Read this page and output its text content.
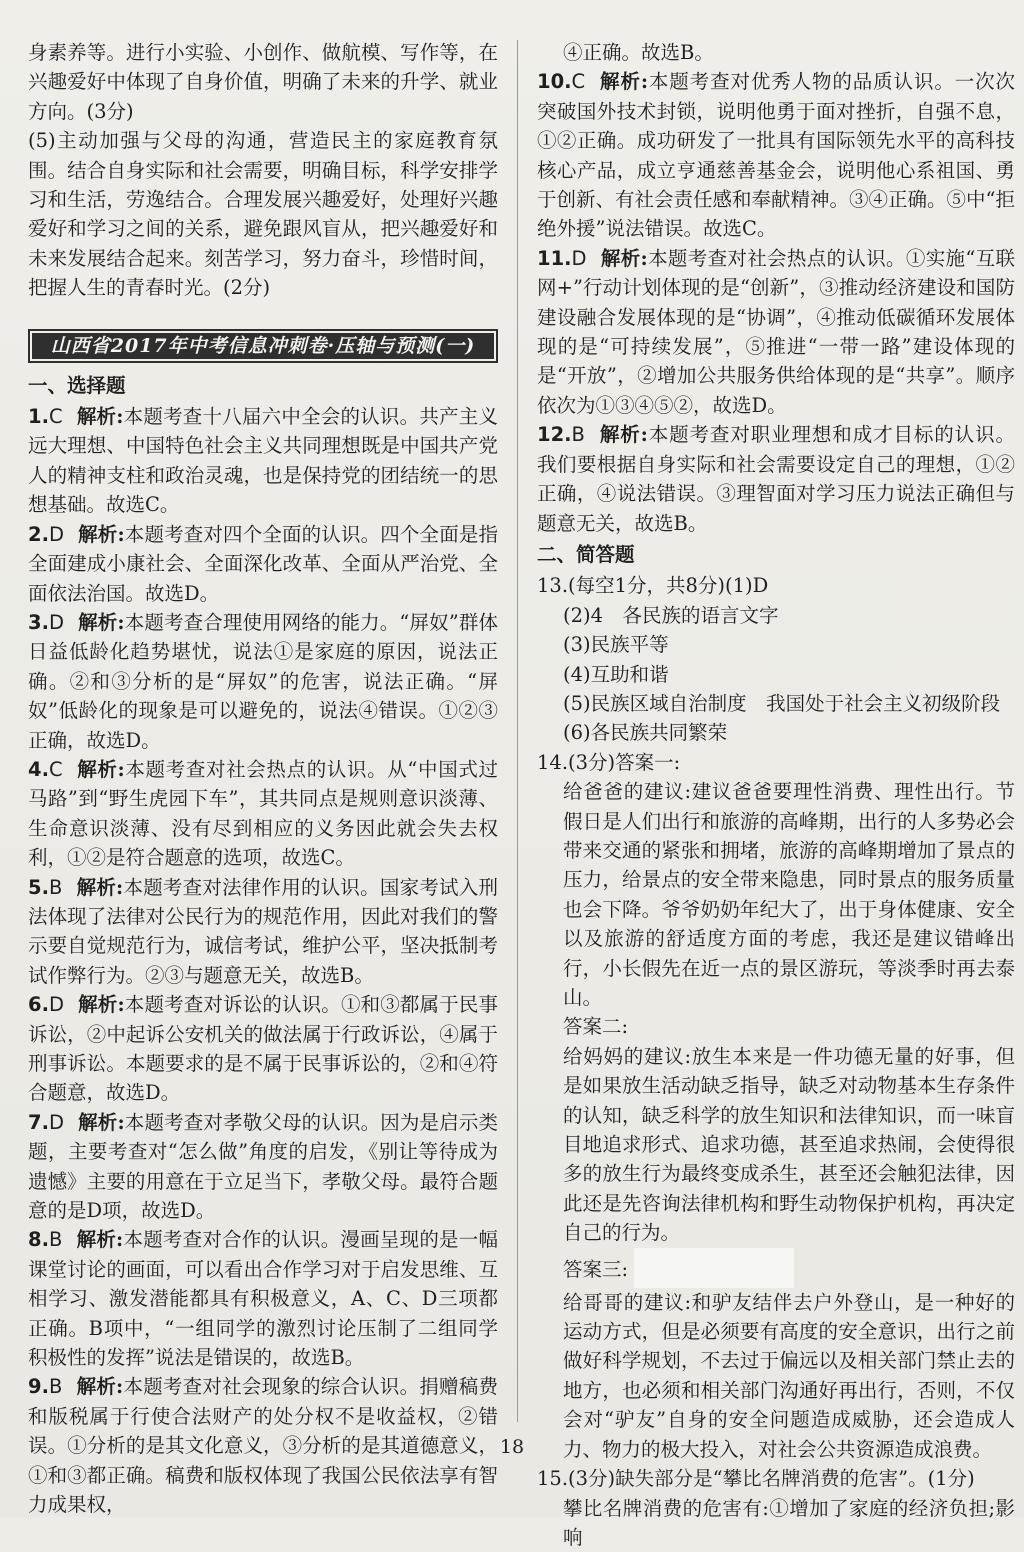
身素养等。进行小实验、小创作、做航模、写作等，在兴趣爱好中体现了自身价值，明确了未来的升学、就业方向。(3分)

(5)主动加强与父母的沟通，营造民主的家庭教育氛围。结合自身实际和社会需要，明确目标，科学安排学习和生活，劳逸结合。合理发展兴趣爱好，处理好兴趣爱好和学习之间的关系，避免跟风盲从，把兴趣爱好和未来发展结合起来。刻苦学习，努力奋斗，珍惜时间，把握人生的青春时光。(2分)

山西省2017年中考信息冲刺卷·压轴与预测(一)
一、选择题

1.C 解析:本题考查十八届六中全会的认识。共产主义远大理想、中国特色社会主义共同理想既是中国共产党人的精神支柱和政治灵魂，也是保持党的团结统一的思想基础。故选C。

2.D 解析:本题考查对四个全面的认识。四个全面是指全面建成小康社会、全面深化改革、全面从严治党、全面依法治国。故选D。

3.D 解析:本题考查合理使用网络的能力。“屏奴”群体日益低龄化趋势堪忧，说法①是家庭的原因，说法正确。②和③分析的是“屏奴”的危害，说法正确。“屏奴”低龄化的现象是可以避免的，说法④错误。①②③正确，故选D。

4.C 解析:本题考查对社会热点的认识。从“中国式过马路”到“野生虎园下车”，其共同点是规则意识淡薄、生命意识淡薄、没有尽到相应的义务因此就会失去权利，①②是符合题意的选项，故选C。

5.B 解析:本题考查对法律作用的认识。国家考试入刑法体现了法律对公民行为的规范作用，因此对我们的警示要自觉规范行为，诚信考试，维护公平，坚决抵制考试作弊行为。②③与题意无关，故选B。

6.D 解析:本题考查对诉讼的认识。①和③都属于民事诉讼，②中起诉公安机关的做法属于行政诉讼，④属于刑事诉讼。本题要求的是不属于民事诉讼的，②和④符合题意，故选D。

7.D 解析:本题考查对孝敬父母的认识。因为是启示类题，主要考查对“怎么做”角度的启发，《别让等待成为遗憾》主要的用意在于立足当下，孝敬父母。最符合题意的是D项，故选D。

8.B 解析:本题考查对合作的认识。漫画呈现的是一幅课堂讨论的画面，可以看出合作学习对于启发思维、互相学习、激发潜能都具有积极意义，A、C、D三项都正确。B项中，“一组同学的激烈讨论压制了二组同学积极性的发挥”说法是错误的，故选B。

9.B 解析:本题考查对社会现象的综合认识。捐赠稿费和版税属于行使合法财产的处分权不是收益权，②错误。①分析的是其文化意义，③分析的是其道德意义，①和③都正确。稿费和版权体现了我国公民依法享有智力成果权，

④正确。故选B。

10.C 解析:本题考查对优秀人物的品质认识。一次次突破国外技术封锁，说明他勇于面对挫折，自强不息，①②正确。成功研发了一批具有国际领先水平的高科技核心产品，成立亨通慈善基金会，说明他心系祖国、勇于创新、有社会责任感和奉献精神。③④正确。⑤中“拒绝外援”说法错误。故选C。

11.D 解析:本题考查对社会热点的认识。①实施“互联网+”行动计划体现的是“创新”，③推动经济建设和国防建设融合发展体现的是“协调”，④推动低碳循环发展体现的是“可持续发展”，⑤推进“一带一路”建设体现的是“开放”，②增加公共服务供给体现的是“共享”。顺序依次为①③④⑤②，故选D。

12.B 解析:本题考查对职业理想和成才目标的认识。我们要根据自身实际和社会需要设定自己的理想，①②正确，④说法错误。③理智面对学习压力说法正确但与题意无关，故选B。

二、简答题

13.(每空1分，共8分)(1)D

(2)4　各民族的语言文字

(3)民族平等

(4)互助和谐

(5)民族区域自治制度　我国处于社会主义初级阶段

(6)各民族共同繁荣

14.(3分)答案一:

给爸爸的建议:建议爸爸要理性消费、理性出行。节假日是人们出行和旅游的高峰期，出行的人多势必会带来交通的紧张和拥堵，旅游的高峰期增加了景点的压力，给景点的安全带来隐患，同时景点的服务质量也会下降。爷爷奶奶年纪大了，出于身体健康、安全以及旅游的舒适度方面的考虑，我还是建议错峰出行，小长假先在近一点的景区游玩，等淡季时再去泰山。

答案二:

给妈妈的建议:放生本来是一件功德无量的好事，但是如果放生活动缺乏指导，缺乏对动物基本生存条件的认知，缺乏科学的放生知识和法律知识，而一味盲目地追求形式、追求功德，甚至追求热闹，会使得很多的放生行为最终变成杀生，甚至还会触犯法律，因此还是先咨询法律机构和野生动物保护机构，再决定自己的行为。

答案三:

给哥哥的建议:和驴友结伴去户外登山，是一种好的运动方式，但是必须要有高度的安全意识，出行之前做好科学规划，不去过于偏远以及相关部门禁止去的地方，也必须和相关部门沟通好再出行，否则，不仅会对“驴友”自身的安全问题造成威胁，还会造成人力、物力的极大投入，对社会公共资源造成浪费。

15.(3分)缺失部分是“攀比名牌消费的危害”。(1分)

攀比名牌消费的危害有:①增加了家庭的经济负担;影响

18
